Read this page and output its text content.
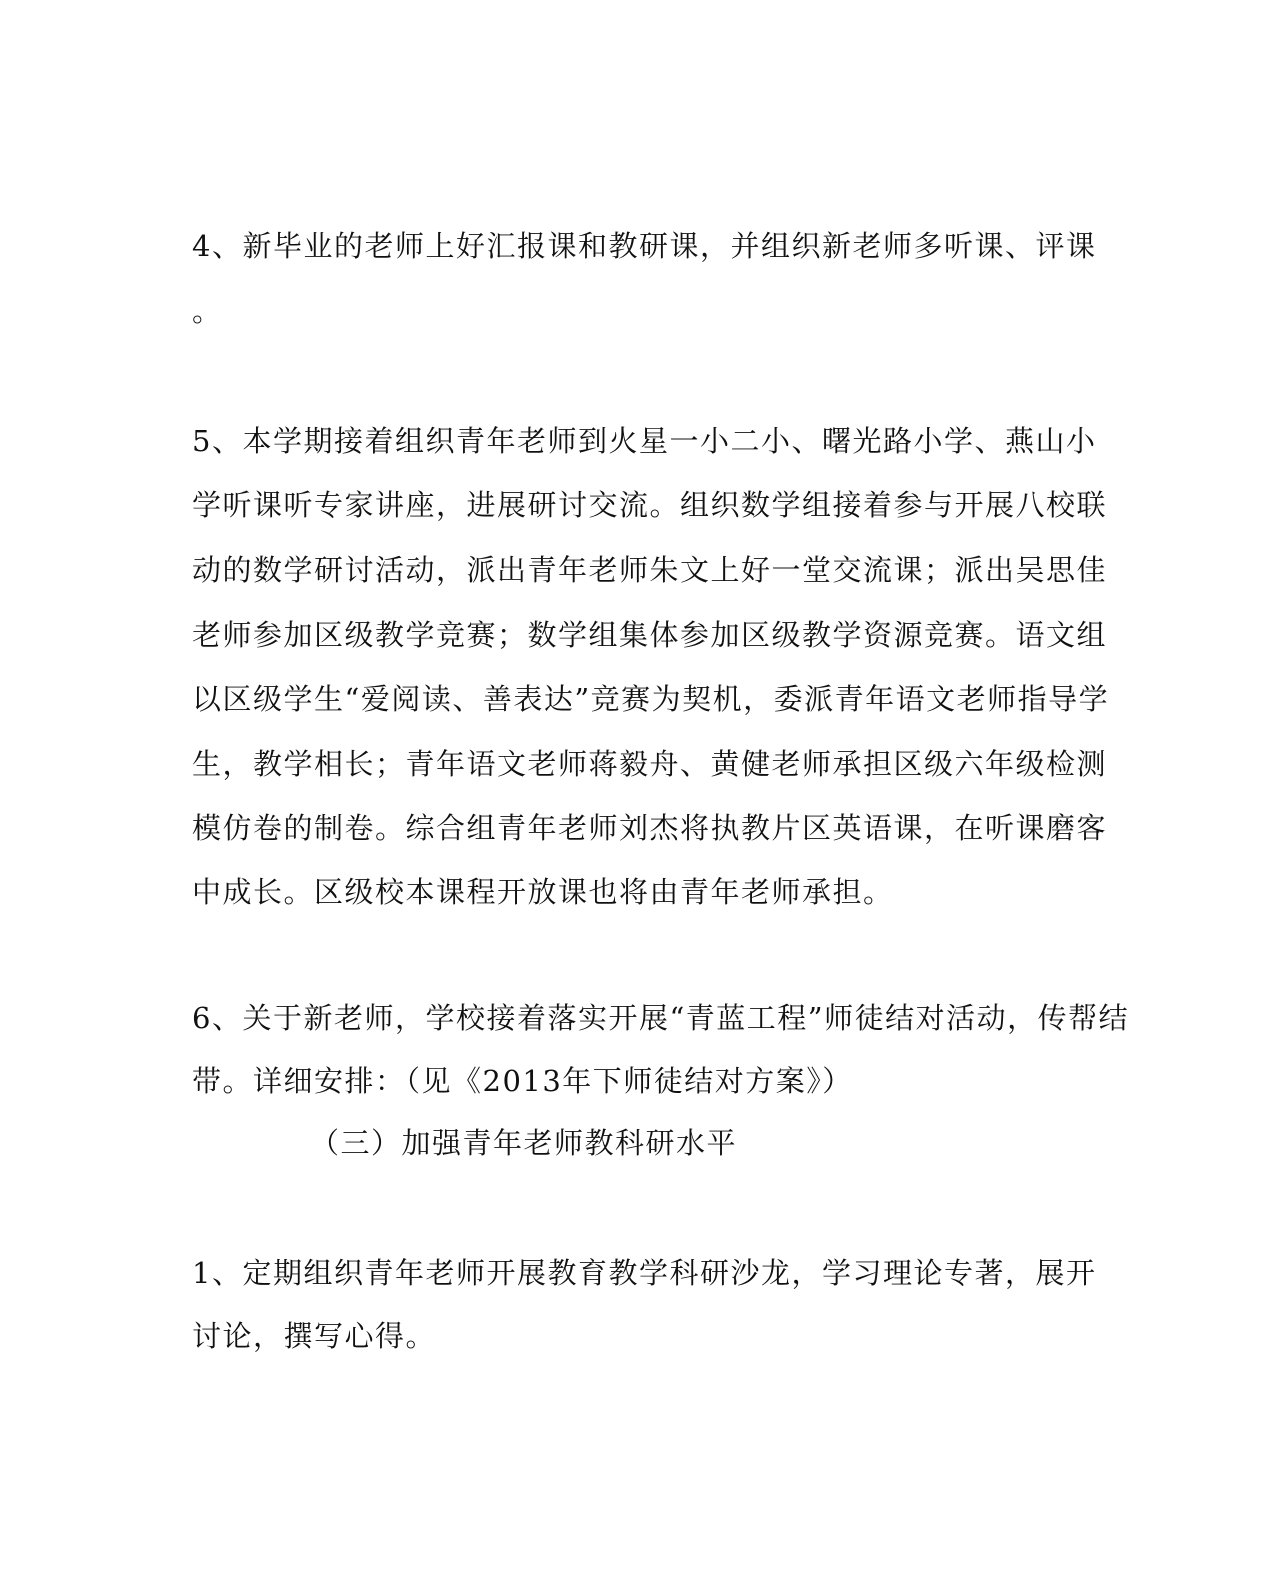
4、新毕业的老师上好汇报课和教研课，并组织新老师多听课、评课
。
5、本学期接着组织青年老师到火星一小二小、曙光路小学、燕山小
学听课听专家讲座，进展研讨交流。组织数学组接着参与开展八校联
动的数学研讨活动，派出青年老师朱文上好一堂交流课；派出吴思佳
老师参加区级教学竞赛；数学组集体参加区级教学资源竞赛。语文组
以区级学生“爱阅读、善表达”竞赛为契机，委派青年语文老师指导学
生，教学相长；青年语文老师蒋毅舟、黄健老师承担区级六年级检测
模仿卷的制卷。综合组青年老师刘杰将执教片区英语课，在听课磨客
中成长。区级校本课程开放课也将由青年老师承担。
6、关于新老师，学校接着落实开展“青蓝工程”师徒结对活动，传帮结
带。详细安排：（见《2013年下师徒结对方案》）
（三）加强青年老师教科研水平
1、定期组织青年老师开展教育教学科研沙龙，学习理论专著，展开
讨论，撰写心得。
